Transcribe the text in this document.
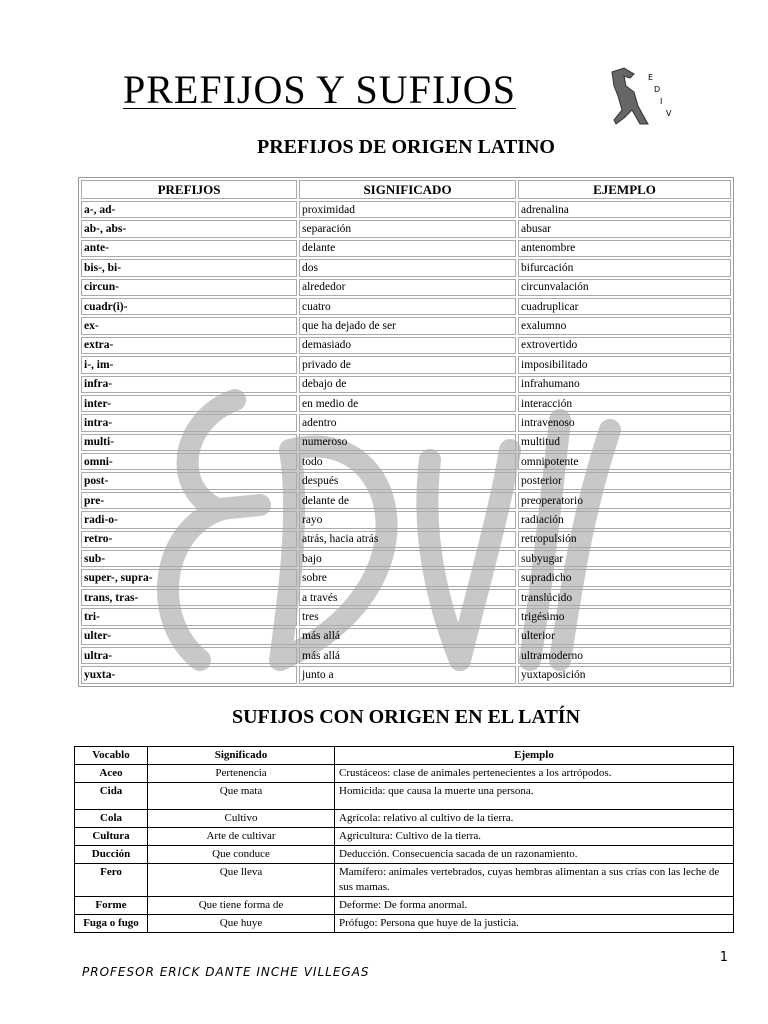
PREFIJOS Y SUFIJOS	E
D
I
V
PREFIJOS DE ORIGEN LATINO
PREFIJOS	SIGNIFICADO	EJEMPLO
a-, ad-	proximidad	adrenalina
ab-, abs-	separación	abusar
ante-	delante	antenombre
bis-, bi-	dos	bifurcación
circun-	alrededor	circunvalación
cuadr(i)-	cuatro	cuadruplicar
ex-	que ha dejado de ser	exalumno
extra-	demasiado	extrovertido
i-, im-	privado de	imposibilitado
infra-	debajo de	infrahumano
inter-	en medio de	interacción
intra-	adentro	intravenoso
multi-	numeroso	multitud
omni-	todo	omnipotente
post-	después	posterior
pre-	delante de	preoperatorio
radi-o-	rayo	radiación
retro-	atrás, hacia atrás	retropulsión
sub-	bajo	subyugar
super-, supra-	sobre	supradicho
trans, tras-	a través	translúcido
tri-	tres	trigésimo
ulter-	más allá	ulterior
ultra-	más allá	ultramoderno
yuxta-	junto a	yuxtaposición
SUFIJOS CON ORIGEN EN EL LATÍN
Vocablo	Significado	Ejemplo
Aceo	Pertenencia	Crustáceos: clase de animales pertenecientes a los artrópodos.
Cida	Que mata	Homicida: que causa la muerte una persona.
Cola	Cultivo	Agrícola: relativo al cultivo de la tierra.
Cultura	Arte de cultivar	Agricultura: Cultivo de la tierra.
Ducción	Que conduce	Deducción. Consecuencia sacada de un razonamiento.
Fero	Que lleva	Mamífero: animales vertebrados, cuyas hembras alimentan a sus crías con las leche de sus mamas.
Forme	Que tiene forma de	Deforme: De forma anormal.
Fuga o fugo	Que huye	Prófugo: Persona que huye de la justicia.
1
PROFESOR ERICK DANTE INCHE VILLEGAS
